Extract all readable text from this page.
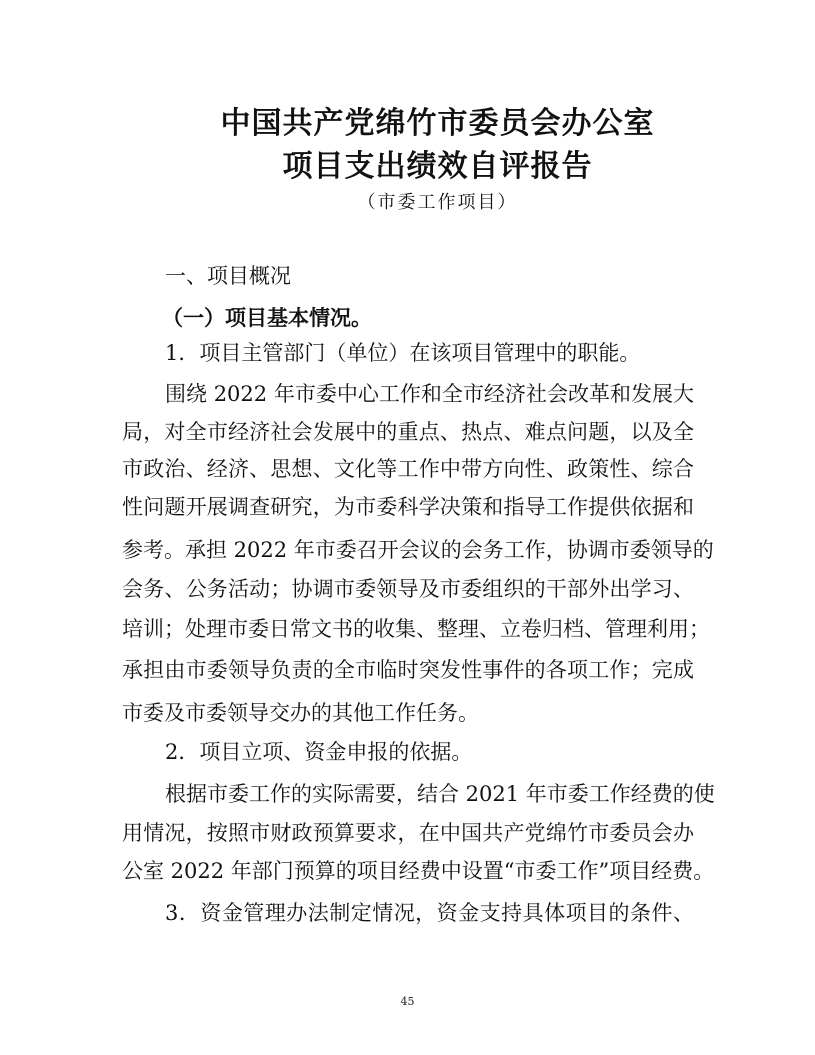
中国共产党绵竹市委员会办公室
项目支出绩效自评报告
（市委工作项目）
一、项目概况
（一）项目基本情况。
1．项目主管部门（单位）在该项目管理中的职能。
围绕 2022 年市委中心工作和全市经济社会改革和发展大
局，对全市经济社会发展中的重点、热点、难点问题，以及全
市政治、经济、思想、文化等工作中带方向性、政策性、综合
性问题开展调查研究，为市委科学决策和指导工作提供依据和
参考。承担 2022 年市委召开会议的会务工作，协调市委领导的
会务、公务活动；协调市委领导及市委组织的干部外出学习、
培训；处理市委日常文书的收集、整理、立卷归档、管理利用；
承担由市委领导负责的全市临时突发性事件的各项工作；完成
市委及市委领导交办的其他工作任务。
2．项目立项、资金申报的依据。
根据市委工作的实际需要，结合 2021 年市委工作经费的使
用情况，按照市财政预算要求，在中国共产党绵竹市委员会办
公室 2022 年部门预算的项目经费中设置“市委工作”项目经费。
3．资金管理办法制定情况，资金支持具体项目的条件、
45
